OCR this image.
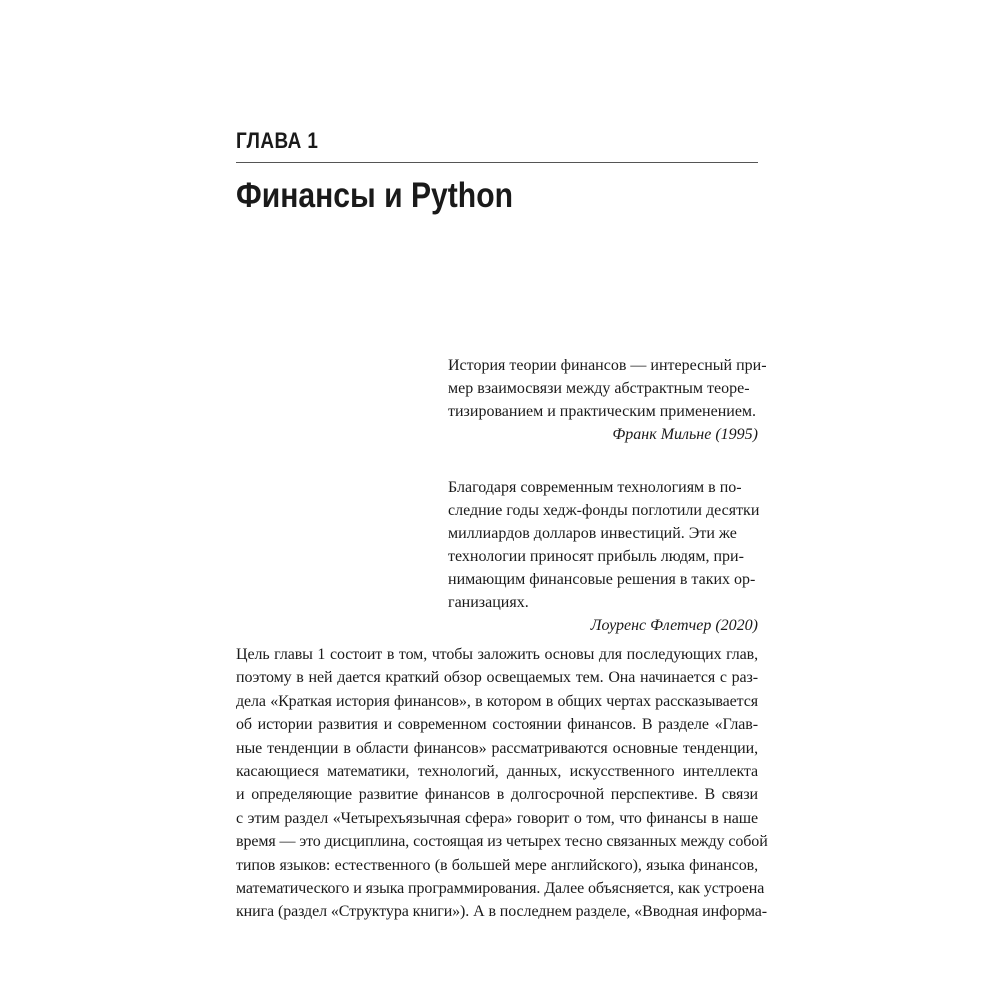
ГЛАВА 1
Финансы и Python

История теории финансов — интересный при-
мер взаимосвязи между абстрактным теоре-
тизированием и практическим применением.

Франк Мильне (1995)

Благодаря современным технологиям в по-
следние годы хедж-фонды поглотили десятки
миллиардов долларов инвестиций. Эти же
технологии приносят прибыль людям, при-
нимающим финансовые решения в таких ор-
ганизациях.

Лоуренс Флетчер (2020)

Цель главы 1 состоит в том, чтобы заложить основы для последующих глав,
поэтому в ней дается краткий обзор освещаемых тем. Она начинается с раз-
дела «Краткая история финансов», в котором в общих чертах рассказывается
об истории развития и современном состоянии финансов. В разделе «Глав-
ные тенденции в области финансов» рассматриваются основные тенденции,
касающиеся математики, технологий, данных, искусственного интеллекта
и определяющие развитие финансов в долгосрочной перспективе. В связи
с этим раздел «Четырехъязычная сфера» говорит о том, что финансы в наше
время — это дисциплина, состоящая из четырех тесно связанных между собой
типов языков: естественного (в большей мере английского), языка финансов,
математического и языка программирования. Далее объясняется, как устроена
книга (раздел «Структура книги»). А в последнем разделе, «Вводная информа-
